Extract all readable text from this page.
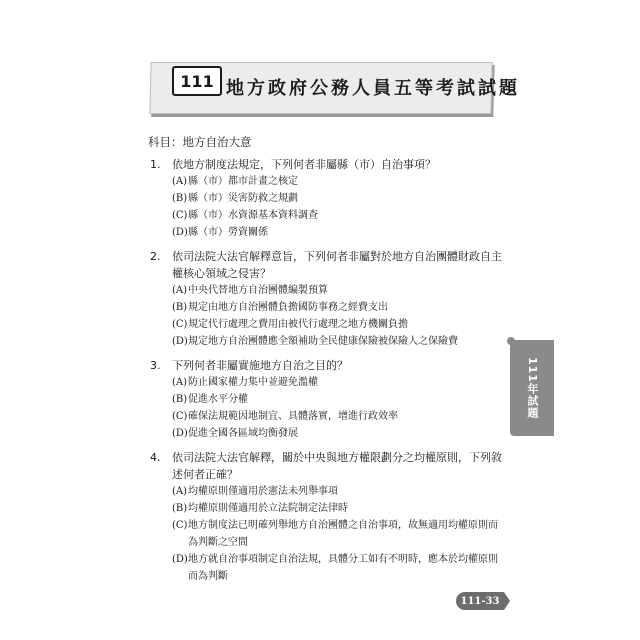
111 地方政府公務人員五等考試試題
科目：地方自治大意
1.	依地方制度法規定，下列何者非屬縣（市）自治事項？
(A) 縣（市）都市計畫之核定
(B) 縣（市）災害防救之規劃
(C) 縣（市）水資源基本資料調查
(D) 縣（市）勞資關係
2.	依司法院大法官解釋意旨，下列何者非屬對於地方自治團體財政自主權核心領域之侵害？
(A) 中央代替地方自治團體編製預算
(B) 規定由地方自治團體負擔國防事務之經費支出
(C) 規定代行處理之費用由被代行處理之地方機關負擔
(D) 規定地方自治團體應全額補助全民健康保險被保險人之保險費
3.	下列何者非屬實施地方自治之目的？
(A) 防止國家權力集中並避免濫權
(B) 促進水平分權
(C) 確保法規範因地制宜、具體落實，增進行政效率
(D) 促進全國各區域均衡發展
4.	依司法院大法官解釋，關於中央與地方權限劃分之均權原則，下列敘述何者正確？
(A) 均權原則僅適用於憲法未列舉事項
(B) 均權原則僅適用於立法院制定法律時
(C) 地方制度法已明確列舉地方自治團體之自治事項，故無適用均權原則而為判斷之空間
(D) 地方就自治事項制定自治法規，具體分工如有不明時，應本於均權原則而為判斷
111年試題
111-33
